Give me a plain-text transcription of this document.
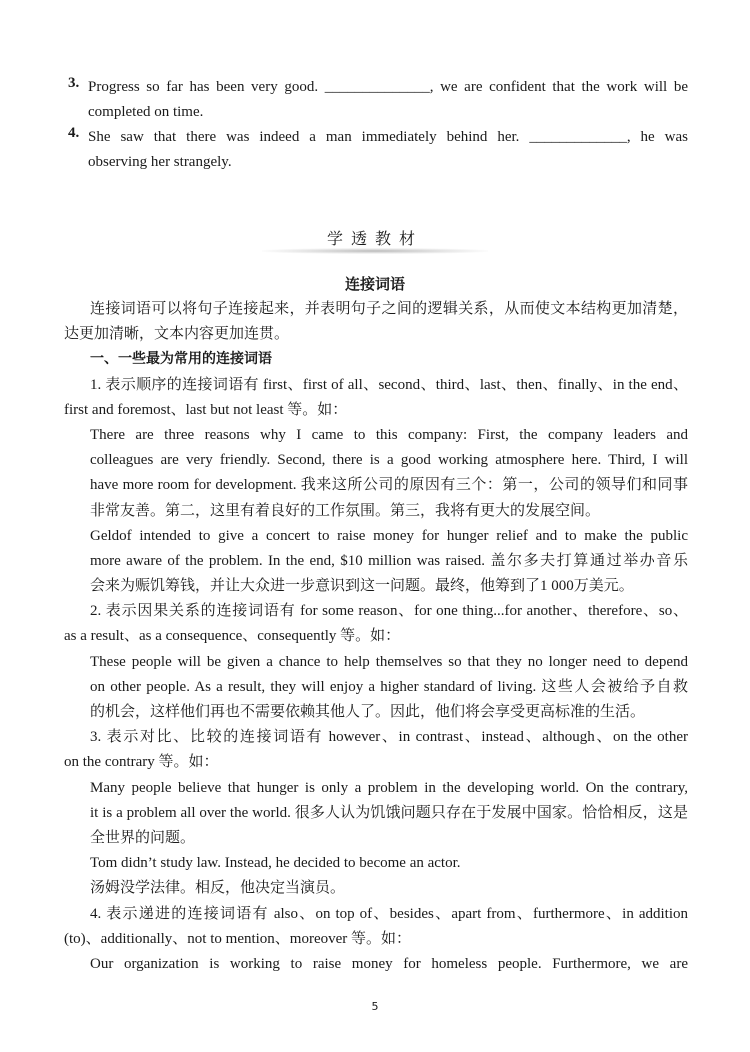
3. Progress so far has been very good. ______________, we are confident that the work will be
completed on time.
4. She saw that there was indeed a man immediately behind her. _____________, he was
observing her strangely.
学透教材
连接词语
连接词语可以将句子连接起来，并表明句子之间的逻辑关系，从而使文本结构更加清楚，
达更加清晰，文本内容更加连贯。
一、一些最为常用的连接词语
1. 表示顺序的连接词语有 first、first of all、second、third、last、then、finally、in the end、
first and foremost、last but not least 等。如：
There are three reasons why I came to this company: First, the company leaders and
colleagues are very friendly. Second, there is a good working atmosphere here. Third, I will
have more room for development. 我来这所公司的原因有三个：第一，公司的领导们和同事
非常友善。第二，这里有着良好的工作氛围。第三，我将有更大的发展空间。
Geldof intended to give a concert to raise money for hunger relief and to make the public
more aware of the problem. In the end, $10 million was raised. 盖尔多夫打算通过举办音乐
会来为赈饥筹钱，并让大众进一步意识到这一问题。最终，他筹到了1 000万美元。
2. 表示因果关系的连接词语有 for some reason、for one thing...for another、therefore、so、
as a result、as a consequence、consequently 等。如：
These people will be given a chance to help themselves so that they no longer need to depend
on other people. As a result, they will enjoy a higher standard of living. 这些人会被给予自救
的机会，这样他们再也不需要依赖其他人了。因此，他们将会享受更高标准的生活。
3. 表示对比、比较的连接词语有 however、in contrast、instead、although、on the other
on the contrary 等。如：
Many people believe that hunger is only a problem in the developing world. On the contrary,
it is a problem all over the world. 很多人认为饥饿问题只存在于发展中国家。恰恰相反，这是
全世界的问题。
Tom didn’t study law. Instead, he decided to become an actor.
汤姆没学法律。相反，他决定当演员。
4. 表示递进的连接词语有 also、on top of、besides、apart from、furthermore、in addition
(to)、additionally、not to mention、moreover 等。如：
Our organization is working to raise money for homeless people. Furthermore, we are
5
